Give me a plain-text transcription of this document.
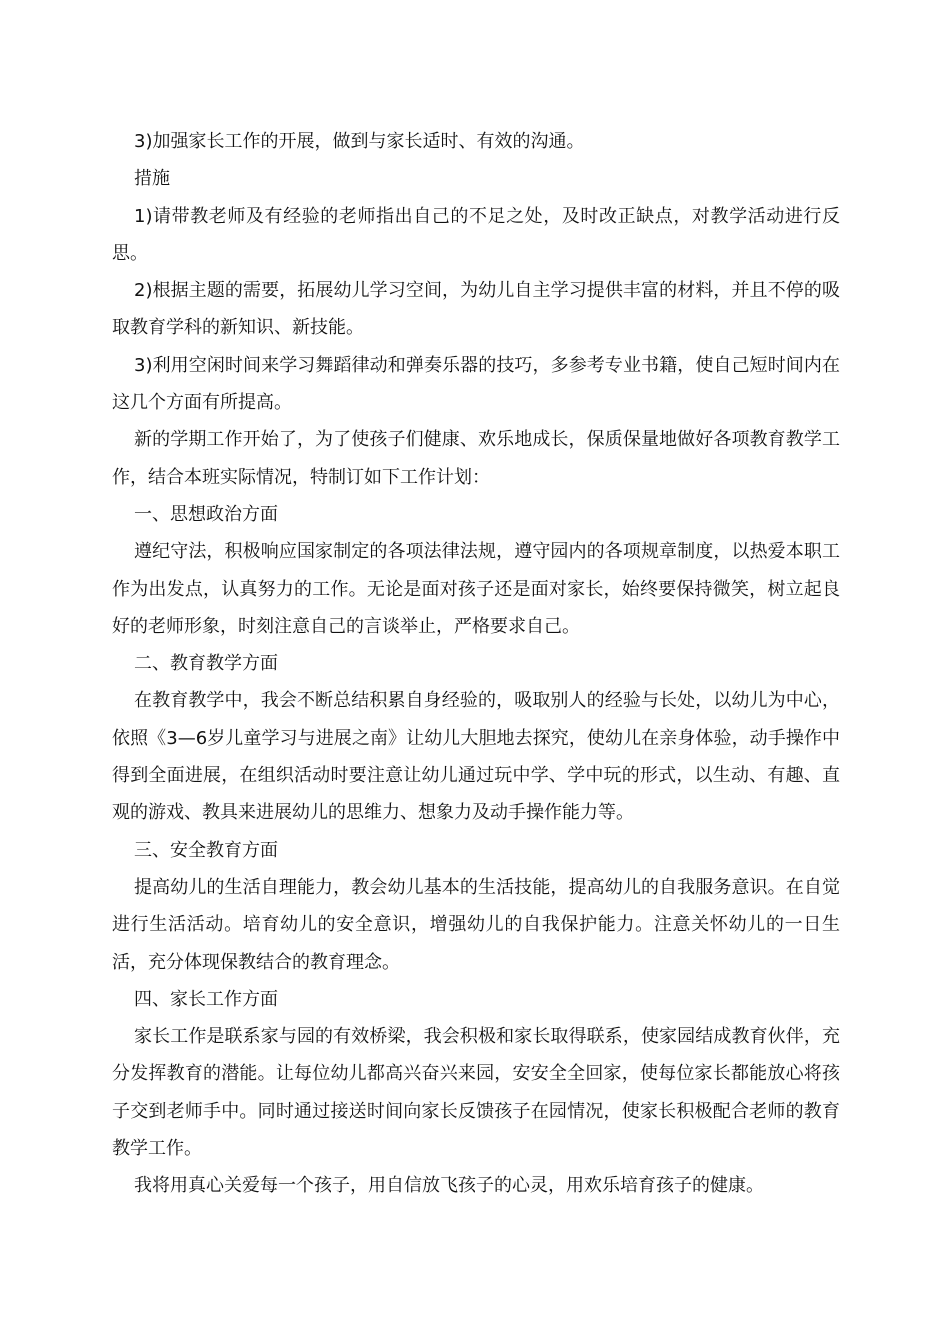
3)加强家长工作的开展，做到与家长适时、有效的沟通。

措施

1)请带教老师及有经验的老师指出自己的不足之处，及时改正缺点，对教学活动进行反思。

2)根据主题的需要，拓展幼儿学习空间，为幼儿自主学习提供丰富的材料，并且不停的吸取教育学科的新知识、新技能。

3)利用空闲时间来学习舞蹈律动和弹奏乐器的技巧，多参考专业书籍，使自己短时间内在这几个方面有所提高。

新的学期工作开始了，为了使孩子们健康、欢乐地成长，保质保量地做好各项教育教学工作，结合本班实际情况，特制订如下工作计划：

一、思想政治方面

遵纪守法，积极响应国家制定的各项法律法规，遵守园内的各项规章制度，以热爱本职工作为出发点，认真努力的工作。无论是面对孩子还是面对家长，始终要保持微笑，树立起良好的老师形象，时刻注意自己的言谈举止，严格要求自己。

二、教育教学方面

在教育教学中，我会不断总结积累自身经验的，吸取别人的经验与长处，以幼儿为中心，依照《3—6岁儿童学习与进展之南》让幼儿大胆地去探究，使幼儿在亲身体验，动手操作中得到全面进展，在组织活动时要注意让幼儿通过玩中学、学中玩的形式，以生动、有趣、直观的游戏、教具来进展幼儿的思维力、想象力及动手操作能力等。

三、安全教育方面

提高幼儿的生活自理能力，教会幼儿基本的生活技能，提高幼儿的自我服务意识。在自觉进行生活活动。培育幼儿的安全意识，增强幼儿的自我保护能力。注意关怀幼儿的一日生活，充分体现保教结合的教育理念。

四、家长工作方面

家长工作是联系家与园的有效桥梁，我会积极和家长取得联系，使家园结成教育伙伴，充分发挥教育的潜能。让每位幼儿都高兴奋兴来园，安安全全回家，使每位家长都能放心将孩子交到老师手中。同时通过接送时间向家长反馈孩子在园情况，使家长积极配合老师的教育教学工作。

我将用真心关爱每一个孩子，用自信放飞孩子的心灵，用欢乐培育孩子的健康。
